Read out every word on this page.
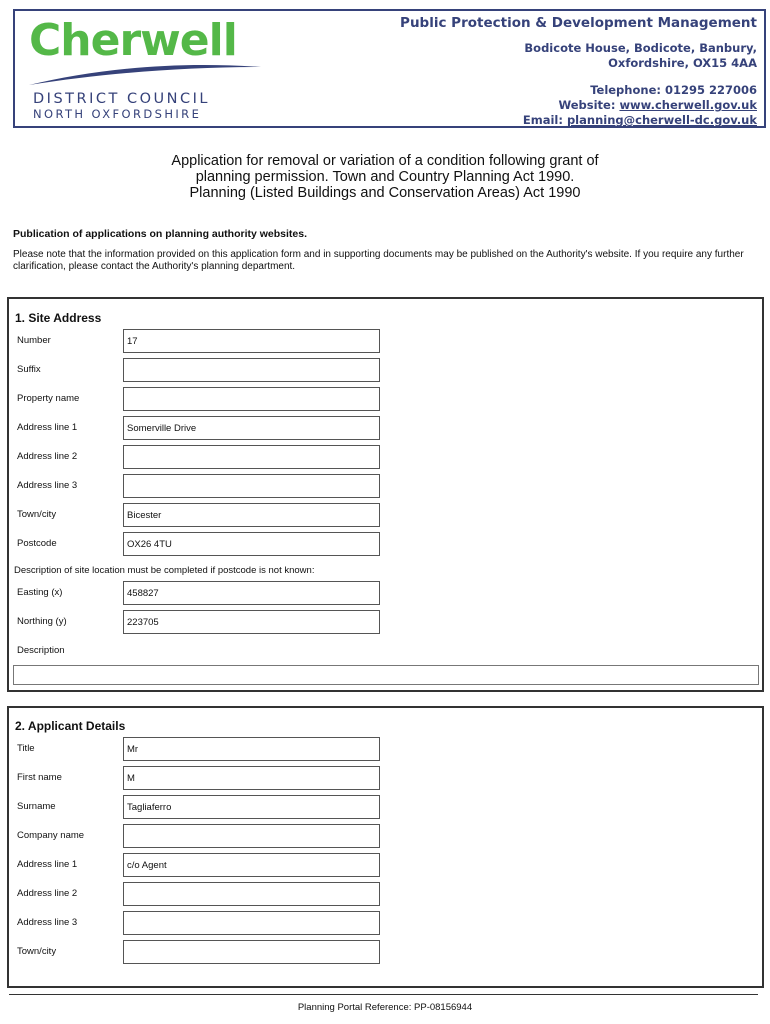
Cherwell
DISTRICT COUNCIL
NORTH OXFORDSHIRE
Public Protection & Development Management
Bodicote House, Bodicote, Banbury,
Oxfordshire, OX15 4AA
Telephone: 01295 227006
Website: www.cherwell.gov.uk
Email: planning@cherwell-dc.gov.uk
Application for removal or variation of a condition following grant of
planning permission. Town and Country Planning Act 1990.
Planning (Listed Buildings and Conservation Areas) Act 1990
Publication of applications on planning authority websites.
Please note that the information provided on this application form and in supporting documents may be published on the Authority's website. If you require any further clarification, please contact the Authority's planning department.
1. Site Address
Number	17
Suffix
Property name
Address line 1	Somerville Drive
Address line 2
Address line 3
Town/city	Bicester
Postcode	OX26 4TU
Description of site location must be completed if postcode is not known:
Easting (x)	458827
Northing (y)	223705
Description
2. Applicant Details
Title	Mr
First name	M
Surname	Tagliaferro
Company name
Address line 1	c/o Agent
Address line 2
Address line 3
Town/city
Planning Portal Reference: PP-08156944
